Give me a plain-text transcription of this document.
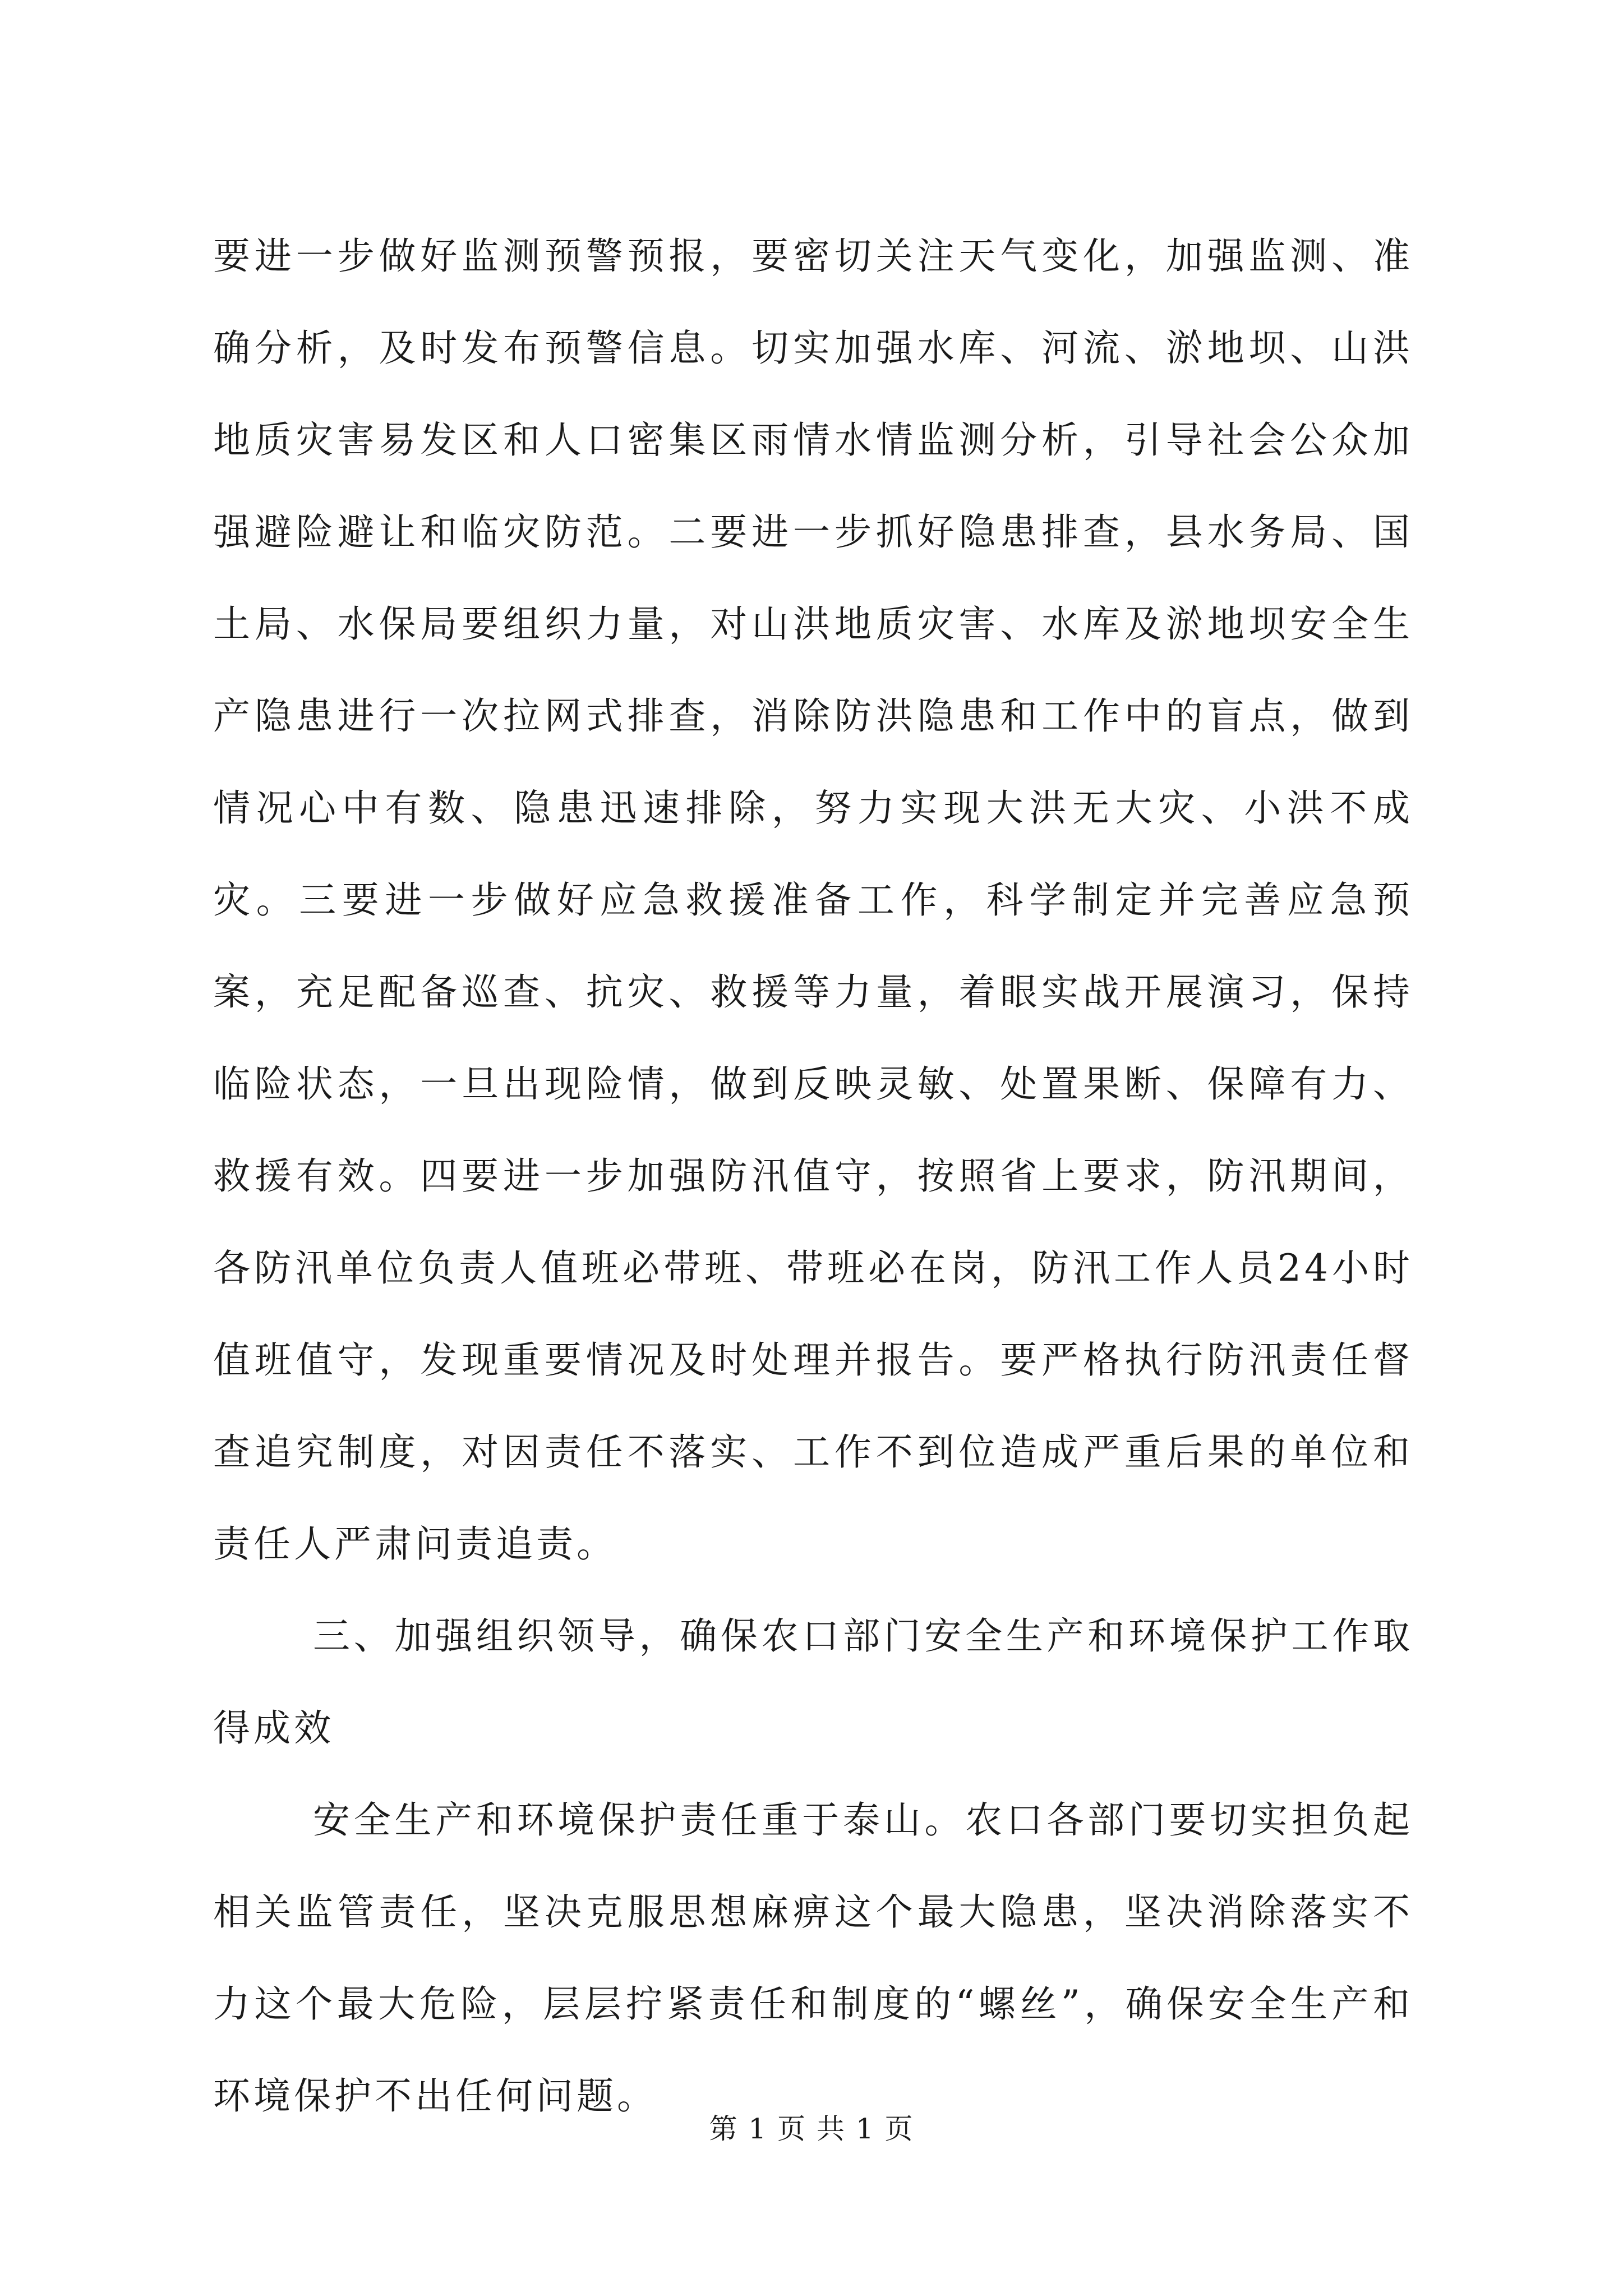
要进一步做好监测预警预报，要密切关注天气变化，加强监测、准确分析，及时发布预警信息。切实加强水库、河流、淤地坝、山洪地质灾害易发区和人口密集区雨情水情监测分析，引导社会公众加强避险避让和临灾防范。二要进一步抓好隐患排查，县水务局、国土局、水保局要组织力量，对山洪地质灾害、水库及淤地坝安全生产隐患进行一次拉网式排查，消除防洪隐患和工作中的盲点，做到情况心中有数、隐患迅速排除，努力实现大洪无大灾、小洪不成灾。三要进一步做好应急救援准备工作，科学制定并完善应急预案，充足配备巡查、抗灾、救援等力量，着眼实战开展演习，保持临险状态，一旦出现险情，做到反映灵敏、处置果断、保障有力、救援有效。四要进一步加强防汛值守，按照省上要求，防汛期间，各防汛单位负责人值班必带班、带班必在岗，防汛工作人员24小时值班值守，发现重要情况及时处理并报告。要严格执行防汛责任督查追究制度，对因责任不落实、工作不到位造成严重后果的单位和责任人严肃问责追责。

三、加强组织领导，确保农口部门安全生产和环境保护工作取得成效

安全生产和环境保护责任重于泰山。农口各部门要切实担负起相关监管责任，坚决克服思想麻痹这个最大隐患，坚决消除落实不力这个最大危险，层层拧紧责任和制度的“螺丝”，确保安全生产和环境保护不出任何问题。

第 1 页 共 1 页
